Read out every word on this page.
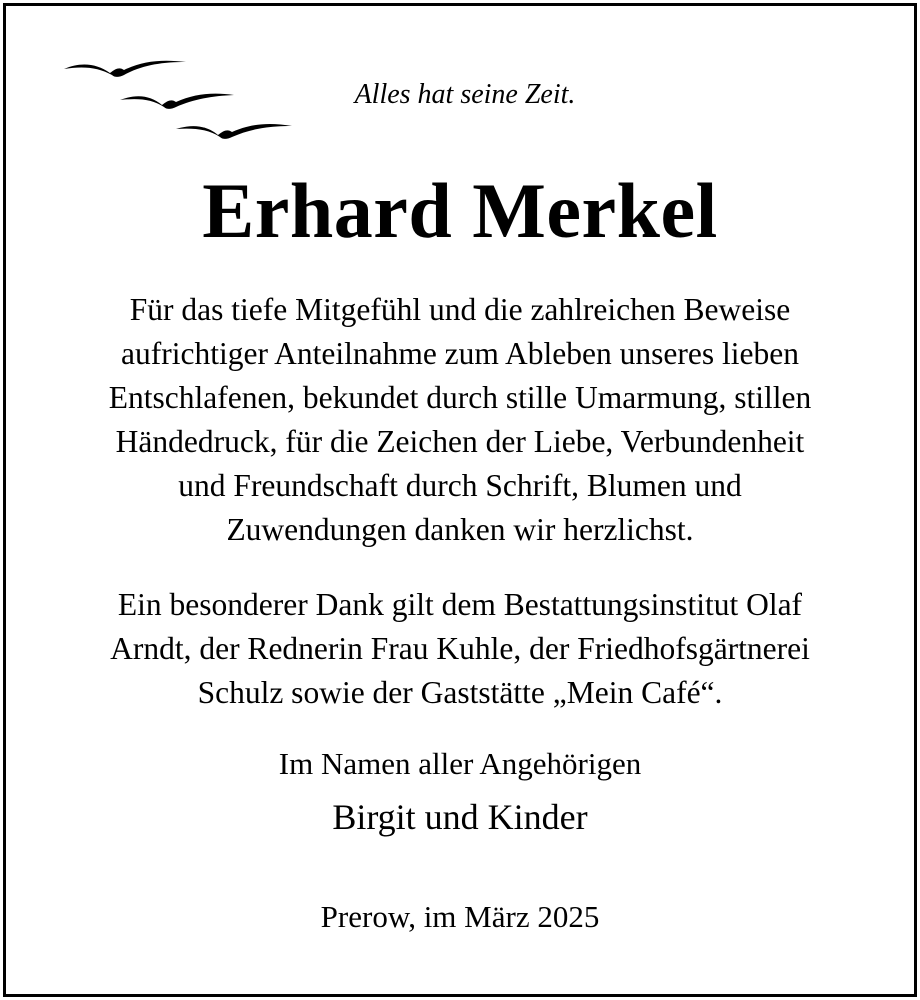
Alles hat seine Zeit.
Erhard Merkel
Für das tiefe Mitgefühl und die zahlreichen Beweise
aufrichtiger Anteilnahme zum Ableben unseres lieben
Entschlafenen, bekundet durch stille Umarmung, stillen
Händedruck, für die Zeichen der Liebe, Verbundenheit
und Freundschaft durch Schrift, Blumen und
Zuwendungen danken wir herzlichst.
Ein besonderer Dank gilt dem Bestattungsinstitut Olaf
Arndt, der Rednerin Frau Kuhle, der Friedhofsgärtnerei
Schulz sowie der Gaststätte „Mein Café“.
Im Namen aller Angehörigen
Birgit und Kinder
Prerow, im März 2025
